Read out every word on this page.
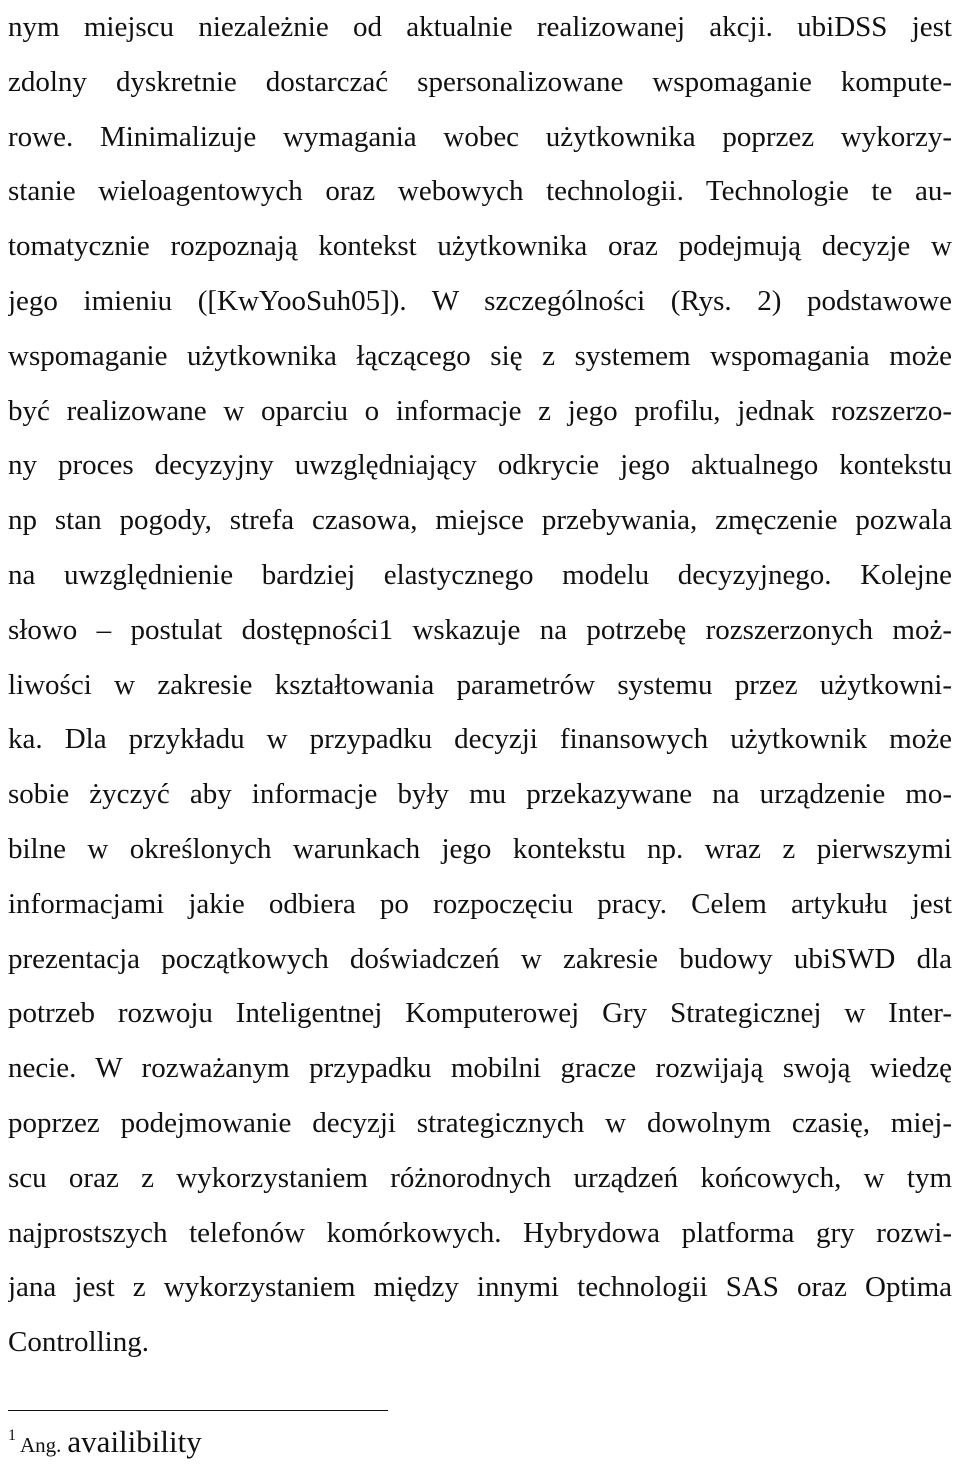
nym miejscu niezależnie od aktualnie realizowanej akcji. ubiDSS jest
zdolny dyskretnie dostarczać spersonalizowane wspomaganie kompute-
rowe. Minimalizuje wymagania wobec użytkownika poprzez wykorzy-
stanie wieloagentowych oraz webowych technologii. Technologie te au-
tomatycznie rozpoznają kontekst użytkownika oraz podejmują decyzje w
jego imieniu ([KwYooSuh05]). W szczególności (Rys. 2) podstawowe
wspomaganie użytkownika łączącego się z systemem wspomagania może
być realizowane w oparciu o informacje z jego profilu, jednak rozszerzo-
ny proces decyzyjny uwzględniający odkrycie jego aktualnego kontekstu
np stan pogody, strefa czasowa, miejsce przebywania, zmęczenie pozwala
na uwzględnienie bardziej elastycznego modelu decyzyjnego. Kolejne
słowo – postulat dostępności1 wskazuje na potrzebę rozszerzonych moż-
liwości w zakresie kształtowania parametrów systemu przez użytkowni-
ka. Dla przykładu w przypadku decyzji finansowych użytkownik może
sobie życzyć aby informacje były mu przekazywane na urządzenie mo-
bilne w określonych warunkach jego kontekstu np. wraz z pierwszymi
informacjami jakie odbiera po rozpoczęciu pracy. Celem artykułu jest
prezentacja początkowych doświadczeń w zakresie budowy ubiSWD dla
potrzeb rozwoju Inteligentnej Komputerowej Gry Strategicznej w Inter-
necie. W rozważanym przypadku mobilni gracze rozwijają swoją wiedzę
poprzez podejmowanie decyzji strategicznych w dowolnym czasię, miej-
scu oraz z wykorzystaniem różnorodnych urządzeń końcowych, w tym
najprostszych telefonów komórkowych. Hybrydowa platforma gry rozwi-
jana jest z wykorzystaniem między innymi technologii SAS oraz Optima
Controlling.
1 Ang. availibility
